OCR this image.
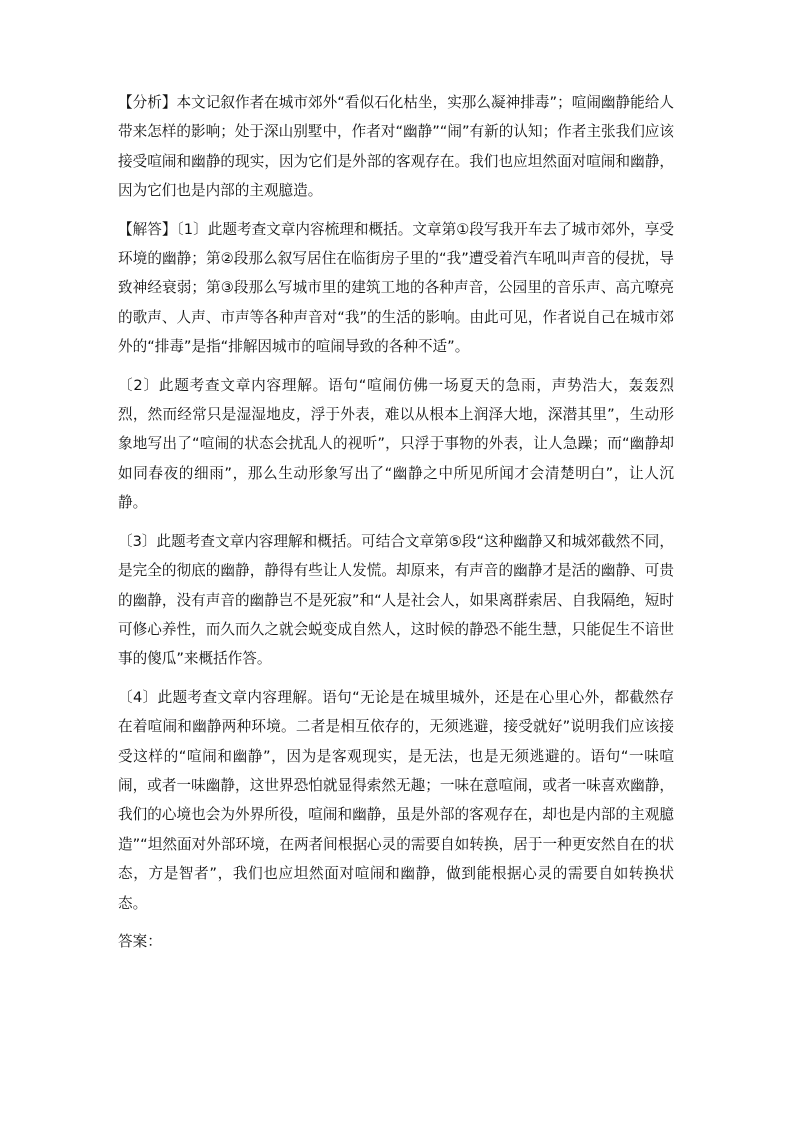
【分析】本文记叙作者在城市郊外“看似石化枯坐，实那么凝神排毒”；喧闹幽静能给人带来怎样的影响；处于深山别墅中，作者对“幽静”“闹”有新的认知；作者主张我们应该接受喧闹和幽静的现实，因为它们是外部的客观存在。我们也应坦然面对喧闹和幽静，因为它们也是内部的主观臆造。

【解答】〔1〕此题考查文章内容梳理和概括。文章第①段写我开车去了城市郊外，享受环境的幽静；第②段那么叙写居住在临街房子里的“我”遭受着汽车吼叫声音的侵扰，导致神经衰弱；第③段那么写城市里的建筑工地的各种声音，公园里的音乐声、高亢嘹亮的歌声、人声、市声等各种声音对“我”的生活的影响。由此可见，作者说自己在城市郊外的“排毒”是指“排解因城市的喧闹导致的各种不适”。

〔2〕此题考查文章内容理解。语句“喧闹仿佛一场夏天的急雨，声势浩大，轰轰烈烈，然而经常只是湿湿地皮，浮于外表，难以从根本上润泽大地，深潜其里”，生动形象地写出了“喧闹的状态会扰乱人的视听”，只浮于事物的外表，让人急躁；而“幽静却如同春夜的细雨”，那么生动形象写出了“幽静之中所见所闻才会清楚明白”，让人沉静。

〔3〕此题考查文章内容理解和概括。可结合文章第⑤段“这种幽静又和城郊截然不同，是完全的彻底的幽静，静得有些让人发慌。却原来，有声音的幽静才是活的幽静、可贵的幽静，没有声音的幽静岂不是死寂”和“人是社会人，如果离群索居、自我隔绝，短时可修心养性，而久而久之就会蜕变成自然人，这时候的静恐不能生慧，只能促生不谙世事的傻瓜”来概括作答。

〔4〕此题考查文章内容理解。语句“无论是在城里城外，还是在心里心外，都截然存在着喧闹和幽静两种环境。二者是相互依存的，无须逃避，接受就好”说明我们应该接受这样的“喧闹和幽静”，因为是客观现实，是无法，也是无须逃避的。语句“一味喧闹，或者一味幽静，这世界恐怕就显得索然无趣；一味在意喧闹，或者一味喜欢幽静，我们的心境也会为外界所役，喧闹和幽静，虽是外部的客观存在，却也是内部的主观臆造”“坦然面对外部环境，在两者间根据心灵的需要自如转换，居于一种更安然自在的状态，方是智者”，我们也应坦然面对喧闹和幽静，做到能根据心灵的需要自如转换状态。

答案：
